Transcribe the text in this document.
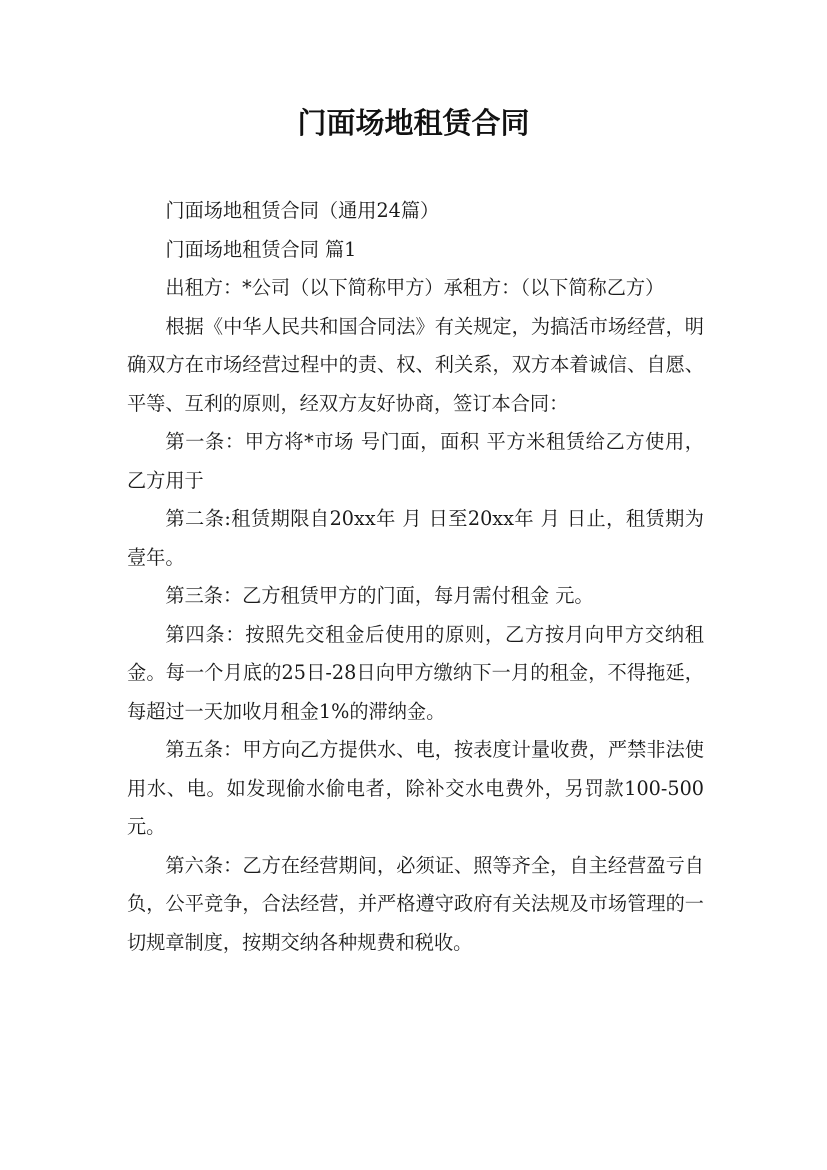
门面场地租赁合同

门面场地租赁合同（通用24篇）

门面场地租赁合同 篇1

出租方：*公司（以下简称甲方）承租方：（以下简称乙方）

根据《中华人民共和国合同法》有关规定，为搞活市场经营，明确双方在市场经营过程中的责、权、利关系，双方本着诚信、自愿、平等、互利的原则，经双方友好协商，签订本合同：

第一条：甲方将*市场 号门面，面积 平方米租赁给乙方使用，乙方用于

第二条:租赁期限自20xx年 月 日至20xx年 月 日止，租赁期为壹年。

第三条：乙方租赁甲方的门面，每月需付租金 元。

第四条：按照先交租金后使用的原则，乙方按月向甲方交纳租金。每一个月底的25日-28日向甲方缴纳下一月的租金，不得拖延，每超过一天加收月租金1%的滞纳金。

第五条：甲方向乙方提供水、电，按表度计量收费，严禁非法使用水、电。如发现偷水偷电者，除补交水电费外，另罚款100-500元。

第六条：乙方在经营期间，必须证、照等齐全，自主经营盈亏自负，公平竞争，合法经营，并严格遵守政府有关法规及市场管理的一切规章制度，按期交纳各种规费和税收。
